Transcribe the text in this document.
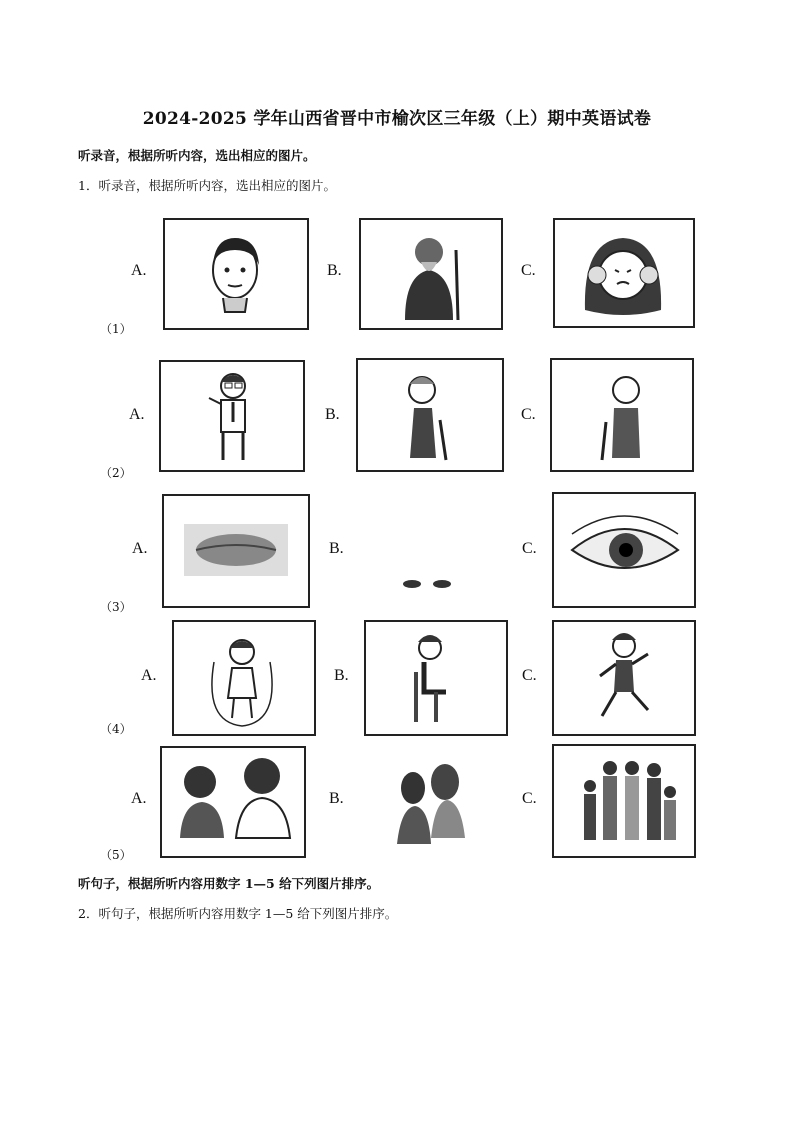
2024-2025 学年山西省晋中市榆次区三年级（上）期中英语试卷
听录音，根据所听内容，选出相应的图片。
1．听录音，根据所听内容，选出相应的图片。
A.	B.	C.
（1）
A.	B.	C.
（2）
A.	B.	C.
（3）
A.	B.	C.
（4）
A.	B.	C.
（5）
听句子，根据所听内容用数字 1—5 给下列图片排序。
2．听句子，根据所听内容用数字 1—5 给下列图片排序。
